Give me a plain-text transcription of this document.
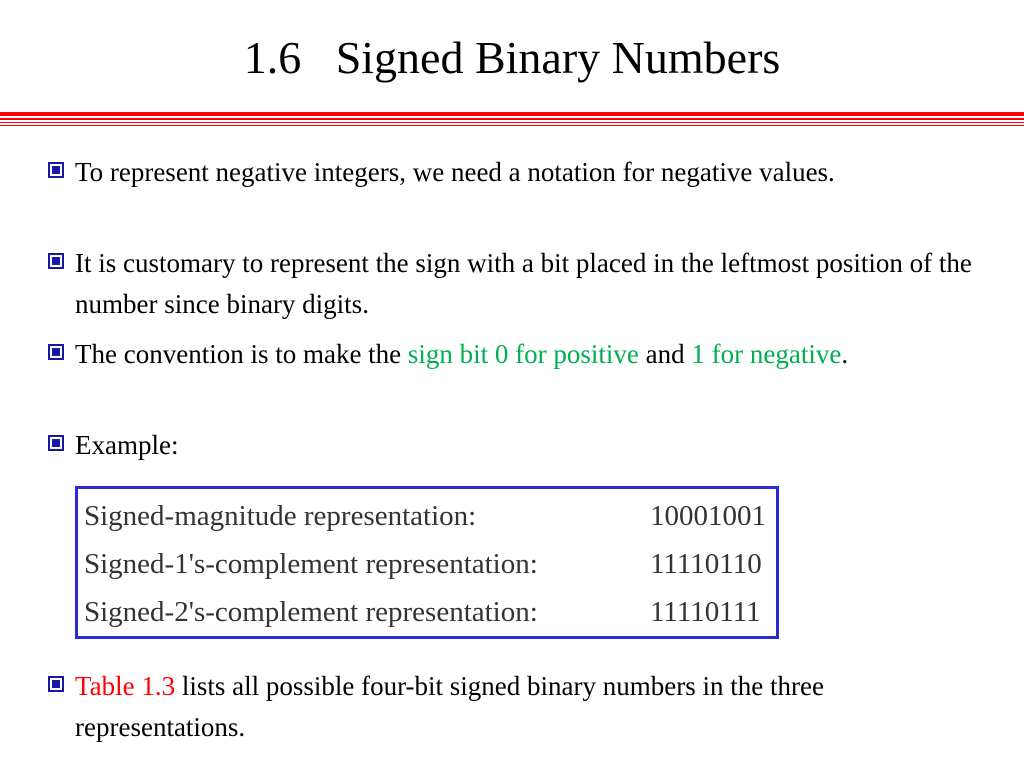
1.6   Signed Binary Numbers
To represent negative integers, we need a notation for negative values.
It is customary to represent the sign with a bit placed in the leftmost position of the number since binary digits.
The convention is to make the sign bit 0 for positive and 1 for negative.
Example:
Signed-magnitude representation:	10001001
Signed-1's-complement representation:	11110110
Signed-2's-complement representation:	11110111
Table 1.3 lists all possible four-bit signed binary numbers in the three representations.
